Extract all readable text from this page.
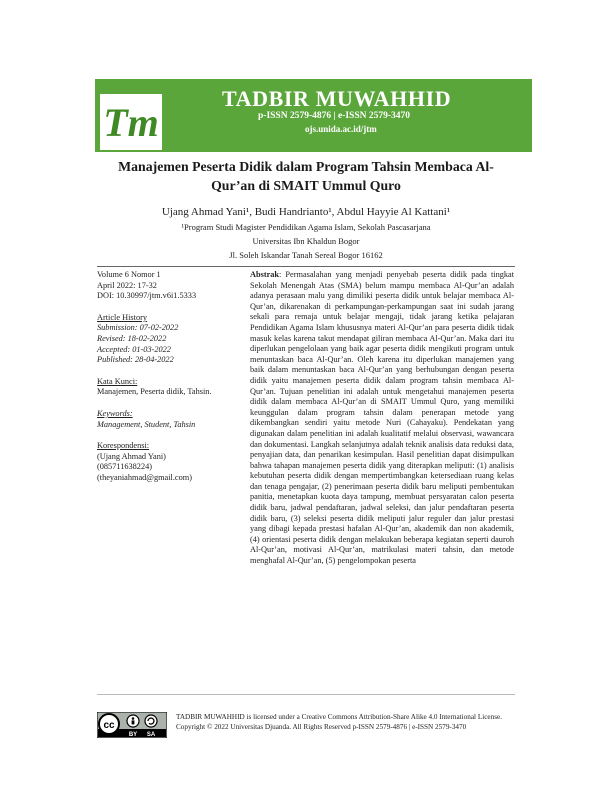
Tm
TADBIR MUWAHHID
p-ISSN 2579-4876 | e-ISSN 2579-3470
ojs.unida.ac.id/jtm
Manajemen Peserta Didik dalam Program Tahsin Membaca Al-Qur’an di SMAIT Ummul Quro
Ujang Ahmad Yani¹, Budi Handrianto¹, Abdul Hayyie Al Kattani¹
¹Program Studi Magister Pendidikan Agama Islam, Sekolah Pascasarjana
Universitas Ibn Khaldun Bogor
Jl. Soleh Iskandar Tanah Sereal Bogor 16162
Volume 6 Nomor 1
April 2022: 17-32
DOI: 10.30997/jtm.v6i1.5333
Article History
Submission: 07-02-2022
Revised: 18-02-2022
Accepted: 01-03-2022
Published: 28-04-2022
Kata Kunci:
Manajemen, Peserta didik, Tahsin.
Keywords:
Management, Student, Tahsin
Korespondensi:
(Ujang Ahmad Yani)
(085711638224)
(theyaniahmad@gmail.com)
Abstrak: Permasalahan yang menjadi penyebab peserta didik pada tingkat Sekolah Menengah Atas (SMA) belum mampu membaca Al-Qur’an adalah adanya perasaan malu yang dimiliki peserta didik untuk belajar membaca Al-Qur’an, dikarenakan di perkampungan-perkampungan saat ini sudah jarang sekali para remaja untuk belajar mengaji, tidak jarang ketika pelajaran Pendidikan Agama Islam khususnya materi Al-Qur’an para peserta didik tidak masuk kelas karena takut mendapat giliran membaca Al-Qur’an. Maka dari itu diperlukan pengelolaan yang baik agar peserta didik mengikuti program untuk menuntaskan baca Al-Qur’an. Oleh karena itu diperlukan manajemen yang baik dalam menuntaskan baca Al-Qur’an yang berhubungan dengan peserta didik yaitu manajemen peserta didik dalam program tahsin membaca Al-Qur’an. Tujuan penelitian ini adalah untuk mengetahui manajemen peserta didik dalam membaca Al-Qur’an di SMAIT Ummul Quro, yang memiliki keunggulan dalam program tahsin dalam penerapan metode yang dikembangkan sendiri yaitu metode Nuri (Cahayaku). Pendekatan yang digunakan dalam penelitian ini adalah kualitatif melalui observasi, wawancara dan dokumentasi. Langkah selanjutnya adalah teknik analisis data reduksi data, penyajian data, dan penarikan kesimpulan. Hasil penelitian dapat disimpulkan bahwa tahapan manajemen peserta didik yang diterapkan meliputi: (1) analisis kebutuhan peserta didik dengan mempertimbangkan ketersediaan ruang kelas dan tenaga pengajar, (2) penerimaan peserta didik baru meliputi pembentukan panitia, menetapkan kuota daya tampung, membuat persyaratan calon peserta didik baru, jadwal pendaftaran, jadwal seleksi, dan jalur pendaftaran peserta didik baru, (3) seleksi peserta didik meliputi jalur reguler dan jalur prestasi yang dibagi kepada prestasi hafalan Al-Qur’an, akademik dan non akademik, (4) orientasi peserta didik dengan melakukan beberapa kegiatan seperti dauroh Al-Qur’an, motivasi Al-Qur’an, matrikulasi materi tahsin, dan metode menghafal Al-Qur’an, (5) pengelompokan peserta
cc
BY SA
TADBIR MUWAHHID is licensed under a Creative Commons Attribution-Share Alike 4.0 International License. Copyright © 2022 Universitas Djuanda. All Rights Reserved p-ISSN 2579-4876 | e-ISSN 2579-3470
